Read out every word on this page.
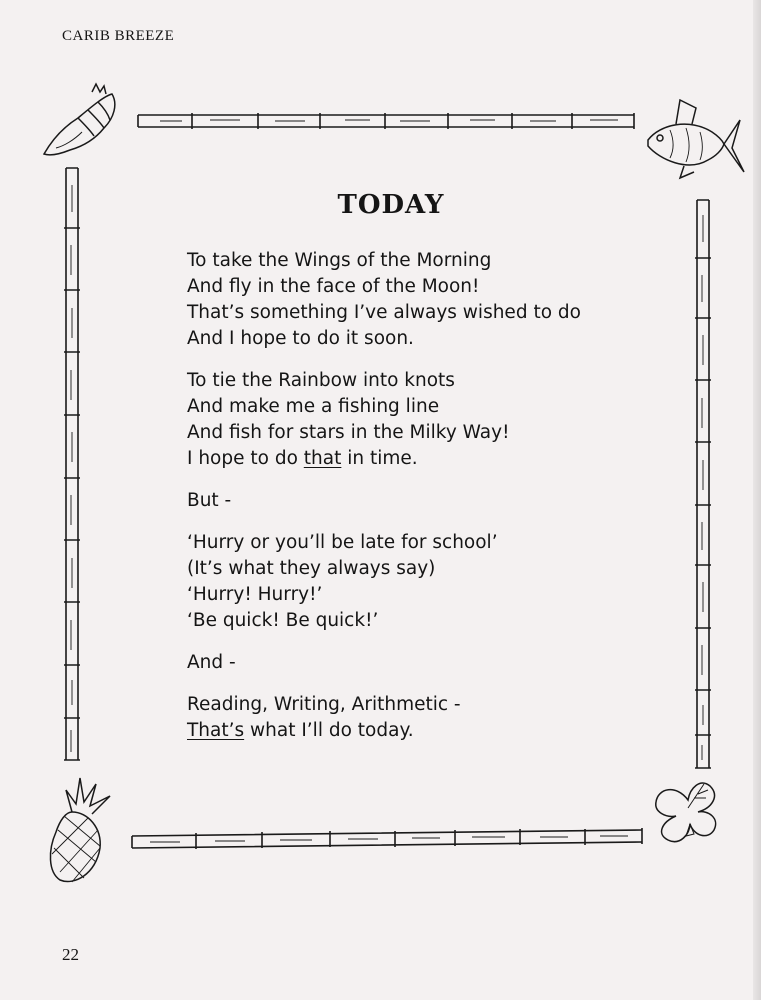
CARIB BREEZE
TODAY
To take the Wings of the Morning
And fly in the face of the Moon!
That’s something I’ve always wished to do
And I hope to do it soon.
To tie the Rainbow into knots
And make me a fishing line
And fish for stars in the Milky Way!
I hope to do that in time.
But -
‘Hurry or you’ll be late for school’
(It’s what they always say)
‘Hurry! Hurry!’
‘Be quick! Be quick!’
And -
Reading, Writing, Arithmetic -
That’s what I’ll do today.
22
